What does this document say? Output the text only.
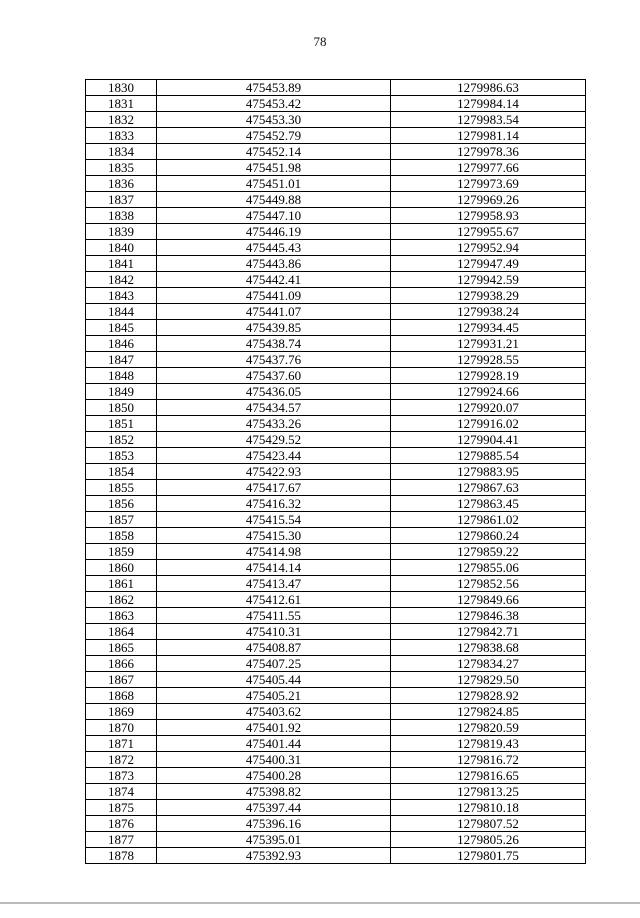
78
1830	475453.89	1279986.63
1831	475453.42	1279984.14
1832	475453.30	1279983.54
1833	475452.79	1279981.14
1834	475452.14	1279978.36
1835	475451.98	1279977.66
1836	475451.01	1279973.69
1837	475449.88	1279969.26
1838	475447.10	1279958.93
1839	475446.19	1279955.67
1840	475445.43	1279952.94
1841	475443.86	1279947.49
1842	475442.41	1279942.59
1843	475441.09	1279938.29
1844	475441.07	1279938.24
1845	475439.85	1279934.45
1846	475438.74	1279931.21
1847	475437.76	1279928.55
1848	475437.60	1279928.19
1849	475436.05	1279924.66
1850	475434.57	1279920.07
1851	475433.26	1279916.02
1852	475429.52	1279904.41
1853	475423.44	1279885.54
1854	475422.93	1279883.95
1855	475417.67	1279867.63
1856	475416.32	1279863.45
1857	475415.54	1279861.02
1858	475415.30	1279860.24
1859	475414.98	1279859.22
1860	475414.14	1279855.06
1861	475413.47	1279852.56
1862	475412.61	1279849.66
1863	475411.55	1279846.38
1864	475410.31	1279842.71
1865	475408.87	1279838.68
1866	475407.25	1279834.27
1867	475405.44	1279829.50
1868	475405.21	1279828.92
1869	475403.62	1279824.85
1870	475401.92	1279820.59
1871	475401.44	1279819.43
1872	475400.31	1279816.72
1873	475400.28	1279816.65
1874	475398.82	1279813.25
1875	475397.44	1279810.18
1876	475396.16	1279807.52
1877	475395.01	1279805.26
1878	475392.93	1279801.75
